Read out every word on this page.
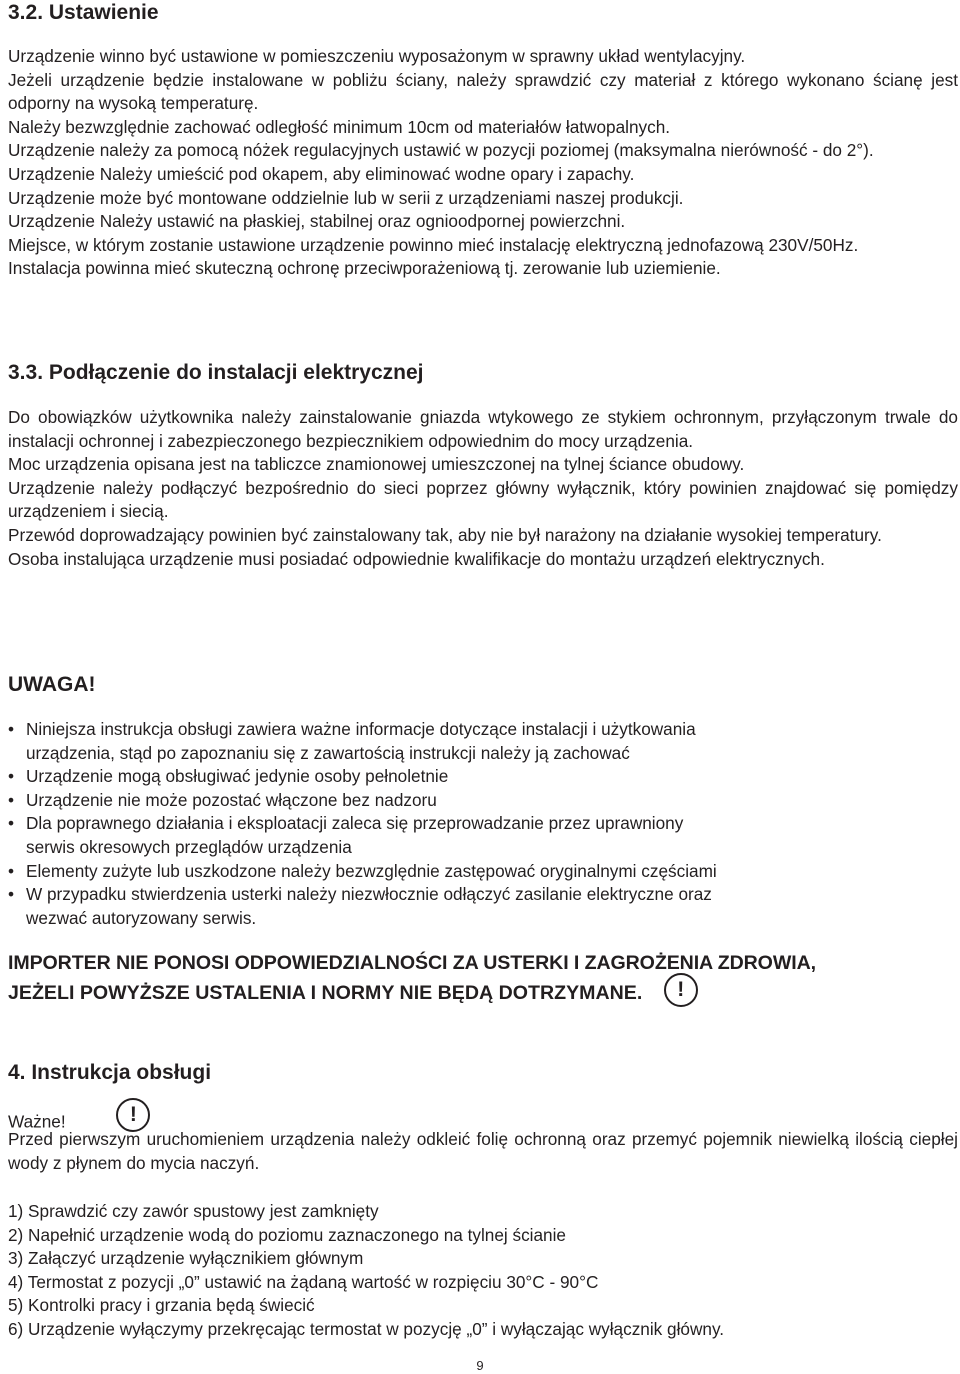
3.2. Ustawienie

Urządzenie winno być ustawione w pomieszczeniu wyposażonym w sprawny układ wentylacyjny.

Jeżeli urządzenie będzie instalowane w pobliżu ściany, należy sprawdzić czy materiał z którego wykonano ścianę jest odporny na wysoką temperaturę.

Należy bezwzględnie zachować odległość minimum 10cm od materiałów łatwopalnych.

Urządzenie należy za pomocą nóżek regulacyjnych ustawić w pozycji poziomej (maksymalna nierówność - do 2°).

Urządzenie Należy umieścić pod okapem, aby eliminować wodne opary i zapachy.

Urządzenie może być montowane oddzielnie lub w serii z urządzeniami naszej produkcji.

Urządzenie Należy ustawić na płaskiej, stabilnej oraz ognioodpornej powierzchni.

Miejsce, w którym zostanie ustawione urządzenie powinno mieć instalację elektryczną jednofazową 230V/50Hz.

Instalacja powinna mieć skuteczną ochronę przeciwporażeniową tj. zerowanie lub uziemienie.

3.3. Podłączenie do instalacji elektrycznej

Do obowiązków użytkownika należy zainstalowanie gniazda wtykowego ze stykiem ochronnym, przyłączonym trwale do instalacji ochronnej i zabezpieczonego bezpiecznikiem odpowiednim do mocy urządzenia.

Moc urządzenia opisana jest na tabliczce znamionowej umieszczonej na tylnej ściance obudowy.

Urządzenie należy podłączyć bezpośrednio do sieci poprzez główny wyłącznik, który powinien znajdować się pomiędzy urządzeniem i siecią.

Przewód doprowadzający powinien być zainstalowany tak, aby nie był narażony na działanie wysokiej temperatury.

Osoba instalująca urządzenie musi posiadać odpowiednie kwalifikacje do montażu urządzeń elektrycznych.

UWAGA!
• Niniejsza instrukcja obsługi zawiera ważne informacje dotyczące instalacji i użytkowania
urządzenia, stąd po zapoznaniu się z zawartością instrukcji należy ją zachować
• Urządzenie mogą obsługiwać jedynie osoby pełnoletnie
• Urządzenie nie może pozostać włączone bez nadzoru
• Dla poprawnego działania i eksploatacji zaleca się przeprowadzanie przez uprawniony
serwis okresowych przeglądów urządzenia
• Elementy zużyte lub uszkodzone należy bezwzględnie zastępować oryginalnymi częściami
• W przypadku stwierdzenia usterki należy niezwłocznie odłączyć zasilanie elektryczne oraz
wezwać autoryzowany serwis.

IMPORTER NIE PONOSI ODPOWIEDZIALNOŚCI ZA USTERKI I ZAGROŻENIA ZDROWIA,

JEŻELI POWYŻSZE USTALENIA I NORMY NIE BĘDĄ DOTRZYMANE. !

4. Instrukcja obsługi

Ważne!	!

Przed pierwszym uruchomieniem urządzenia należy odkleić folię ochronną oraz przemyć pojemnik niewielką ilością ciepłej wody z płynem do mycia naczyń.

1) Sprawdzić czy zawór spustowy jest zamknięty
2) Napełnić urządzenie wodą do poziomu zaznaczonego na tylnej ścianie
3) Załączyć urządzenie wyłącznikiem głównym
4) Termostat z pozycji „0” ustawić na żądaną wartość w rozpięciu 30°C - 90°C
5) Kontrolki pracy i grzania będą świecić
6) Urządzenie wyłączymy przekręcając termostat w pozycję „0” i wyłączając wyłącznik główny.
9
